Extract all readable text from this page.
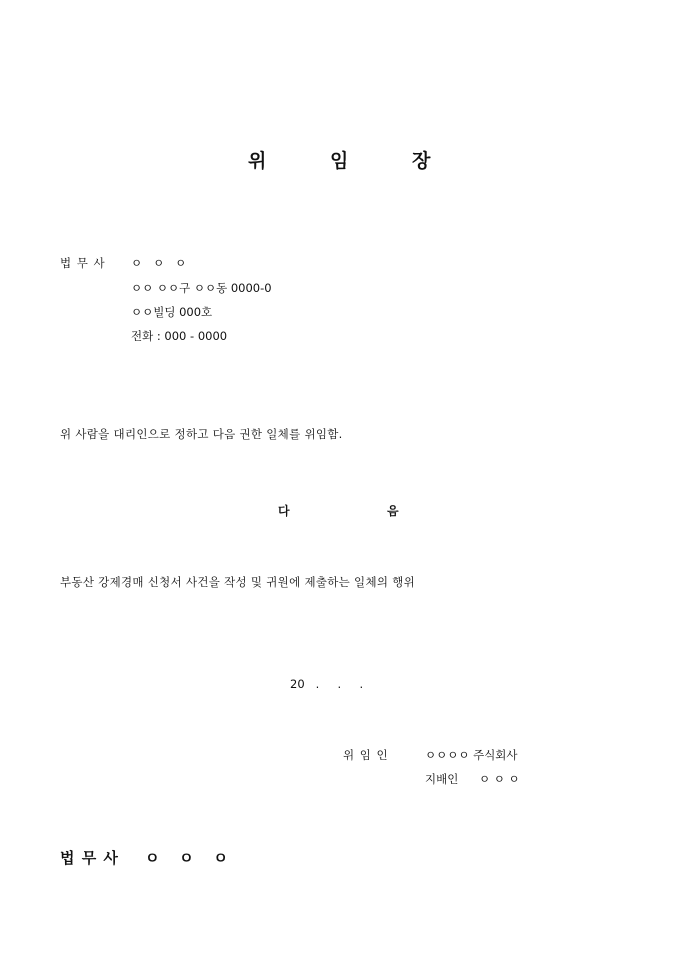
위	임	장
법 무 사 ㅇ   ㅇ   ㅇ
ㅇㅇ ㅇㅇ구 ㅇㅇ동 0000-0
ㅇㅇ빌딩 000호
전화 : 000 - 0000
위 사람을 대리인으로 정하고 다음 권한 일체를 위임함.
다	음
부동산 강제경매 신청서 사건을 작성 및 귀원에 제출하는 일체의 행위
20   .     .     .
위 임 인	ㅇㅇㅇㅇ 주식회사
지배인 ㅇ ㅇ ㅇ
법 무 사 ㅇ   ㅇ   ㅇ
